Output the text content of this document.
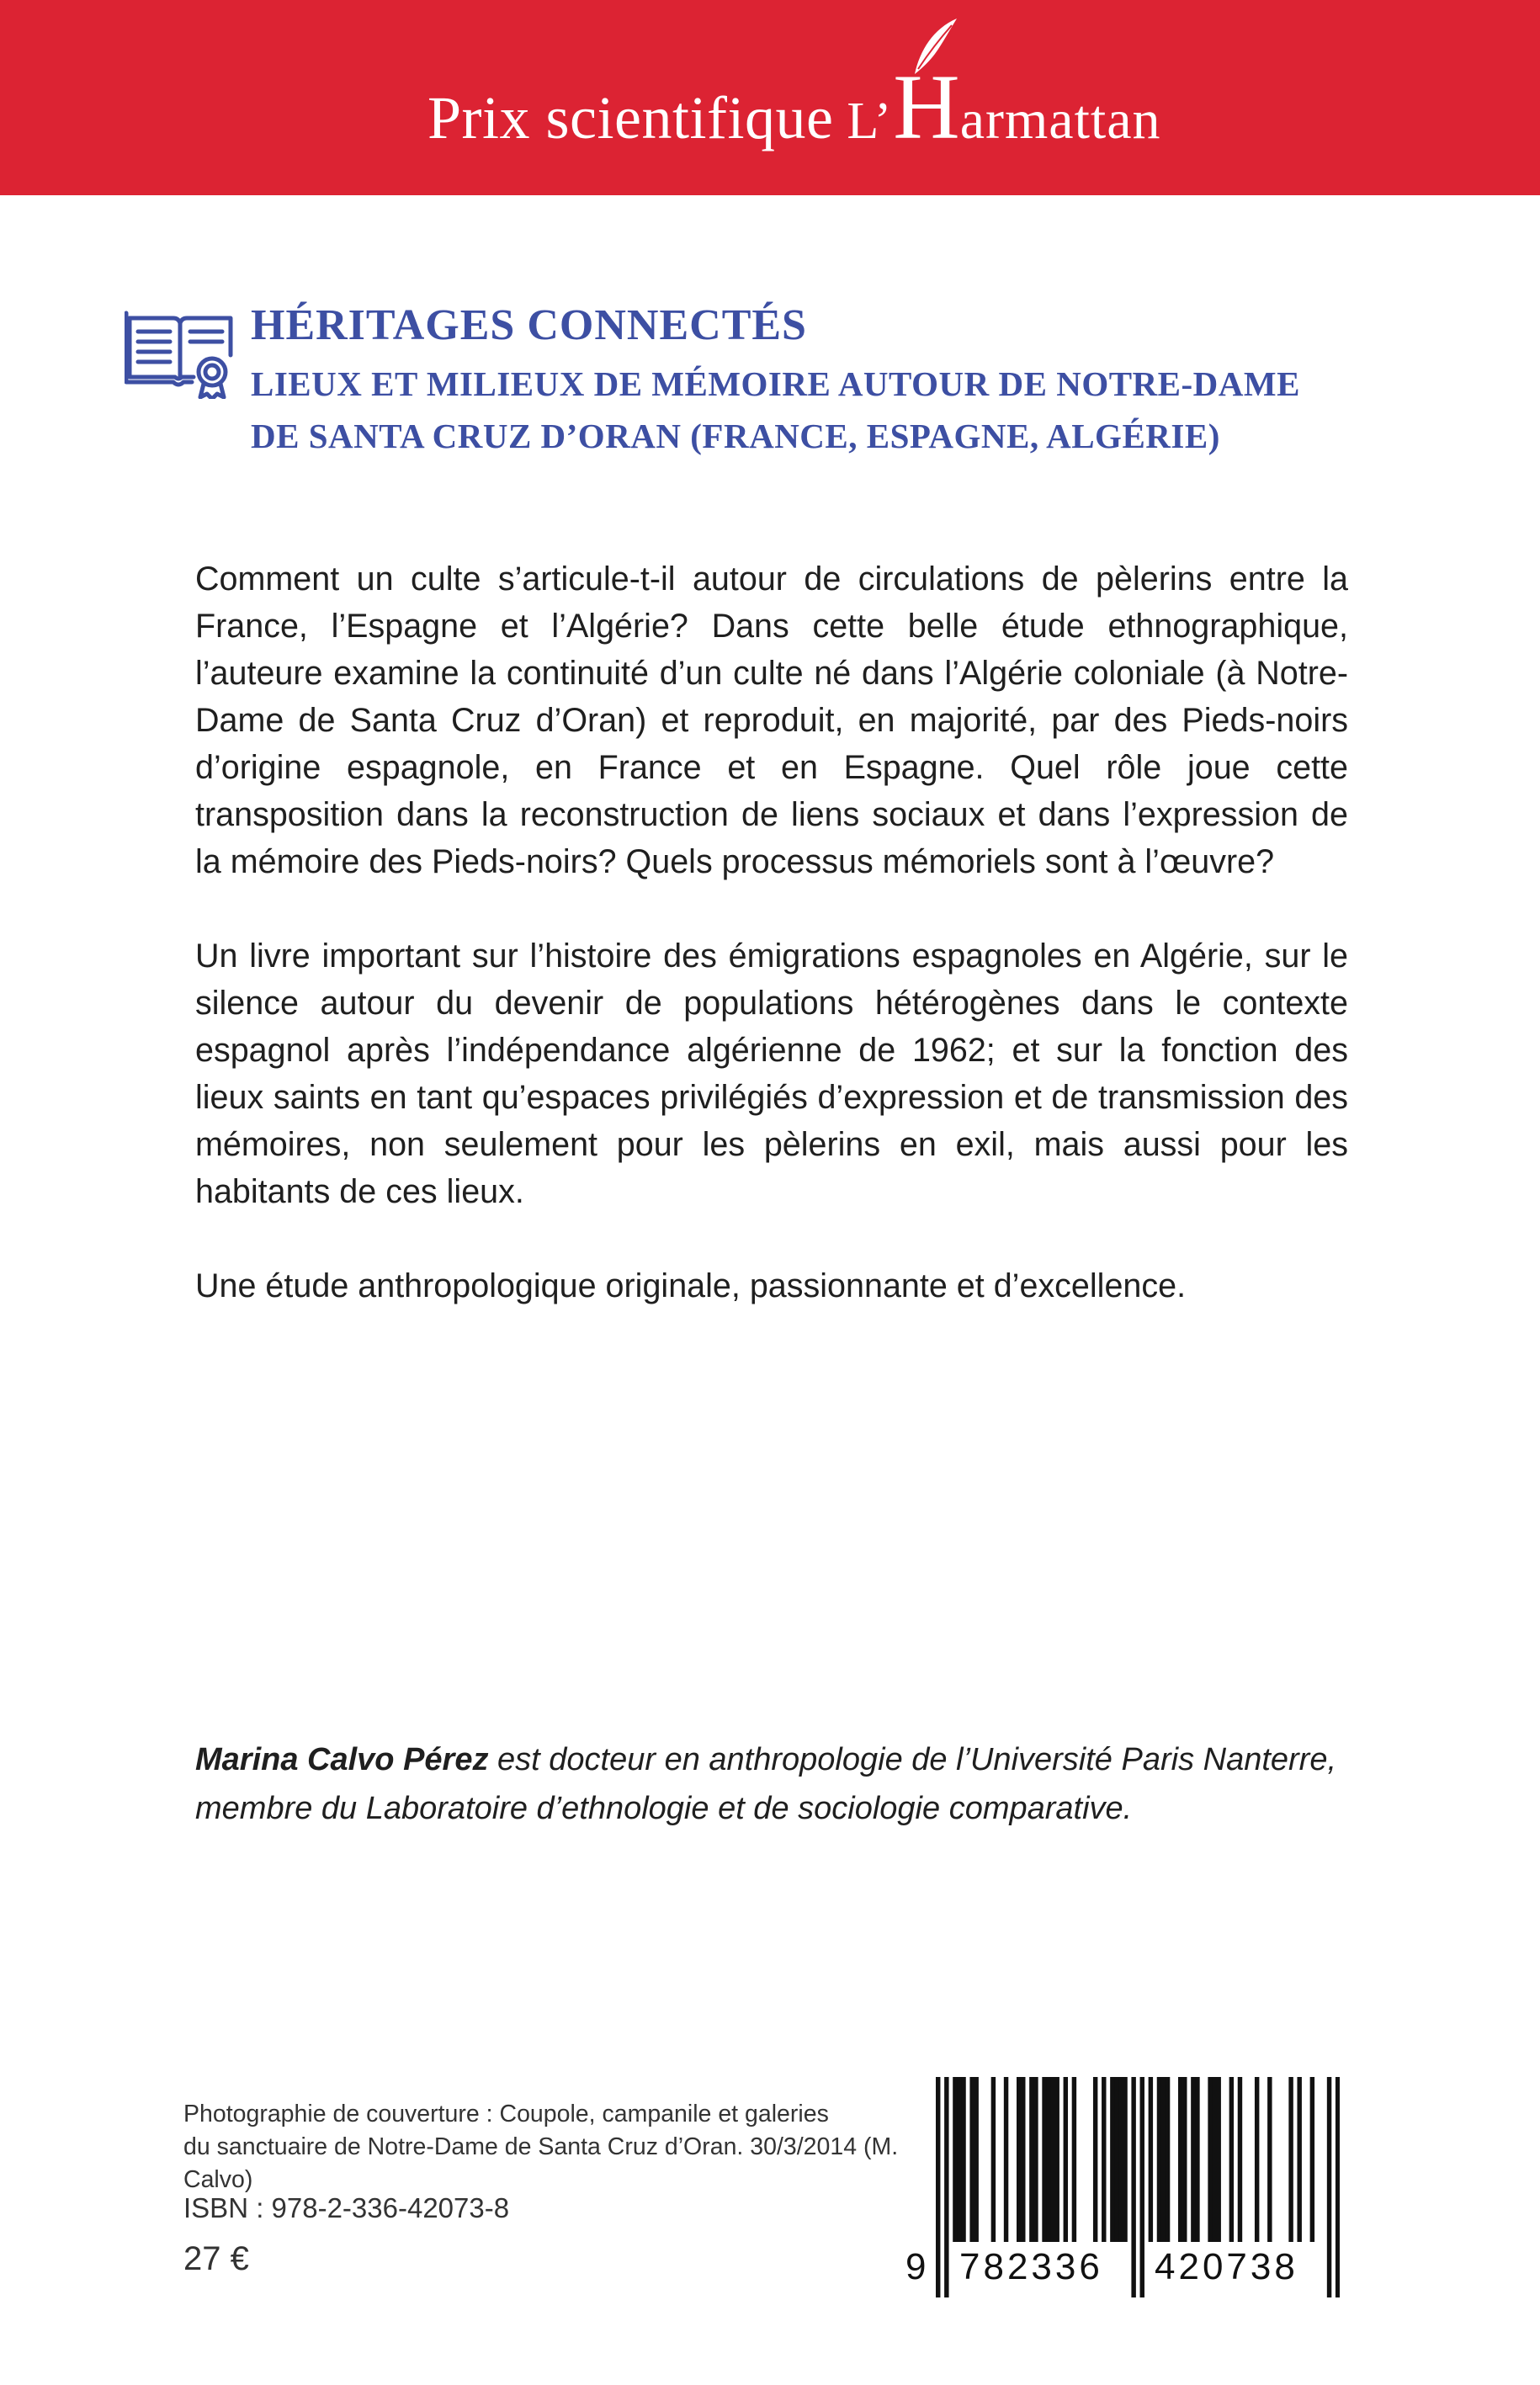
Prix scientifique L’ H armattan
HÉRITAGES CONNECTÉS
LIEUX ET MILIEUX DE MÉMOIRE AUTOUR DE NOTRE-DAME
DE SANTA CRUZ D’ORAN (FRANCE, ESPAGNE, ALGÉRIE)

Comment un culte s’articule-t-il autour de circulations de pèlerins entre la France, l’Espagne et l’Algérie? Dans cette belle étude ethnographique, l’auteure examine la continuité d’un culte né dans l’Algérie coloniale (à Notre-Dame de Santa Cruz d’Oran) et reproduit, en majorité, par des Pieds-noirs d’origine espagnole, en France et en Espagne. Quel rôle joue cette transposition dans la reconstruction de liens sociaux et dans l’expression de la mémoire des Pieds-noirs? Quels processus mémoriels sont à l’œuvre?

Un livre important sur l’histoire des émigrations espagnoles en Algérie, sur le silence autour du devenir de populations hétérogènes dans le contexte espagnol après l’indépendance algérienne de 1962; et sur la fonction des lieux saints en tant qu’espaces privilégiés d’expression et de transmission des mémoires, non seulement pour les pèlerins en exil, mais aussi pour les habitants de ces lieux.

Une étude anthropologique originale, passionnante et d’excellence.

Marina Calvo Pérez est docteur en anthropologie de l’Université Paris Nanterre, membre du Laboratoire d’ethnologie et de sociologie comparative.
Photographie de couverture : Coupole, campanile et galeries
du sanctuaire de Notre-Dame de Santa Cruz d’Oran. 30/3/2014 (M. Calvo)
ISBN : 978-2-336-42073-8
27 €	9 782336 420738
